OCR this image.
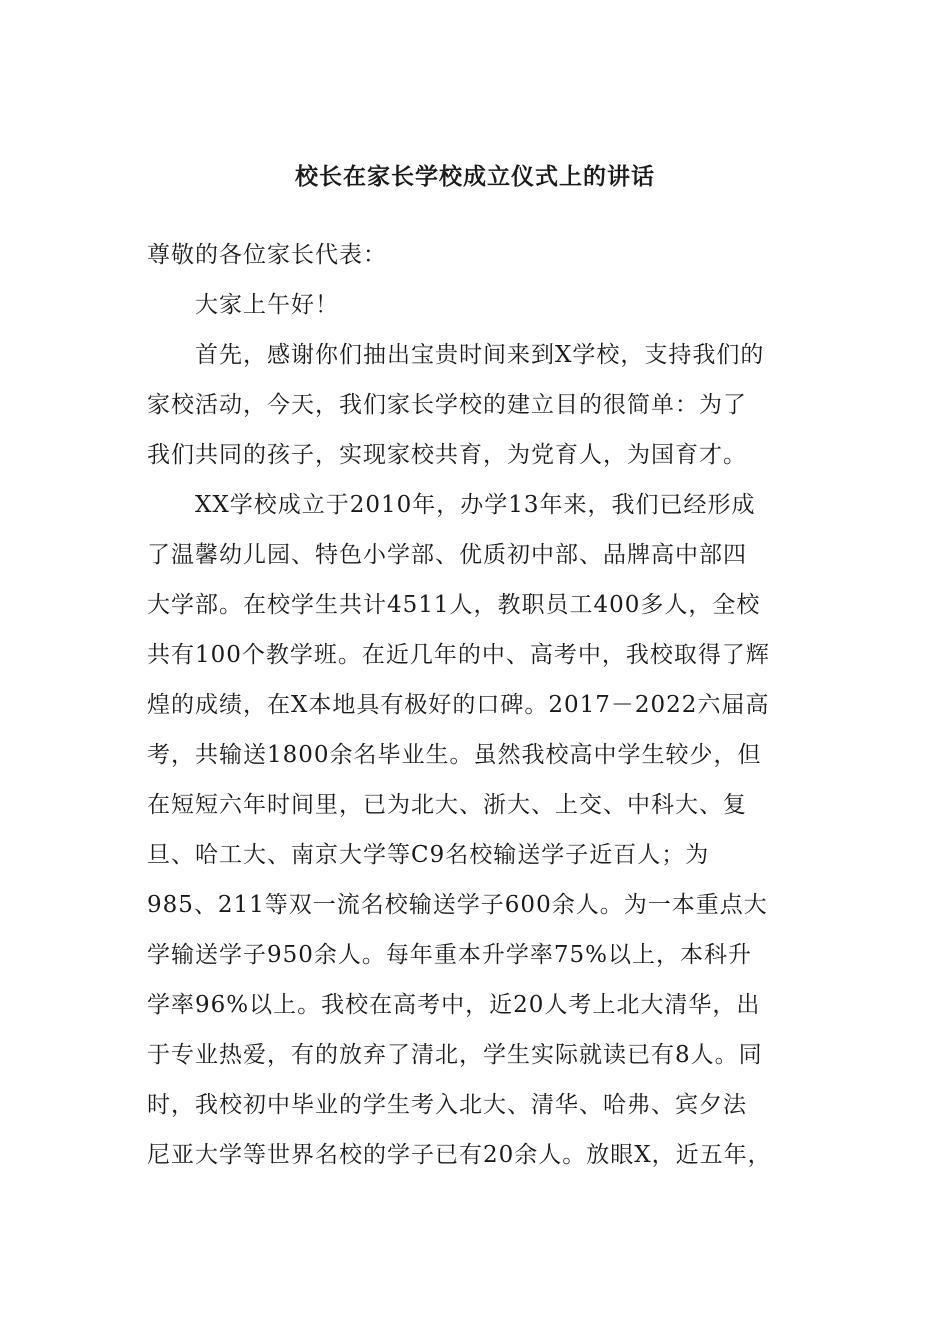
校长在家长学校成立仪式上的讲话
尊敬的各位家长代表：
大家上午好！
首先，感谢你们抽出宝贵时间来到X学校，支持我们的
家校活动，今天，我们家长学校的建立目的很简单：为了
我们共同的孩子，实现家校共育，为党育人，为国育才。
XX学校成立于2010年，办学13年来，我们已经形成
了温馨幼儿园、特色小学部、优质初中部、品牌高中部四
大学部。在校学生共计4511人，教职员工400多人，全校
共有100个教学班。在近几年的中、高考中，我校取得了辉
煌的成绩，在X本地具有极好的口碑。2017－2022六届高
考，共输送1800余名毕业生。虽然我校高中学生较少，但
在短短六年时间里，已为北大、浙大、上交、中科大、复
旦、哈工大、南京大学等C9名校输送学子近百人；为
985、211等双一流名校输送学子600余人。为一本重点大
学输送学子950余人。每年重本升学率75%以上，本科升
学率96%以上。我校在高考中，近20人考上北大清华，出
于专业热爱，有的放弃了清北，学生实际就读已有8人。同
时，我校初中毕业的学生考入北大、清华、哈弗、宾夕法
尼亚大学等世界名校的学子已有20余人。放眼X，近五年，
